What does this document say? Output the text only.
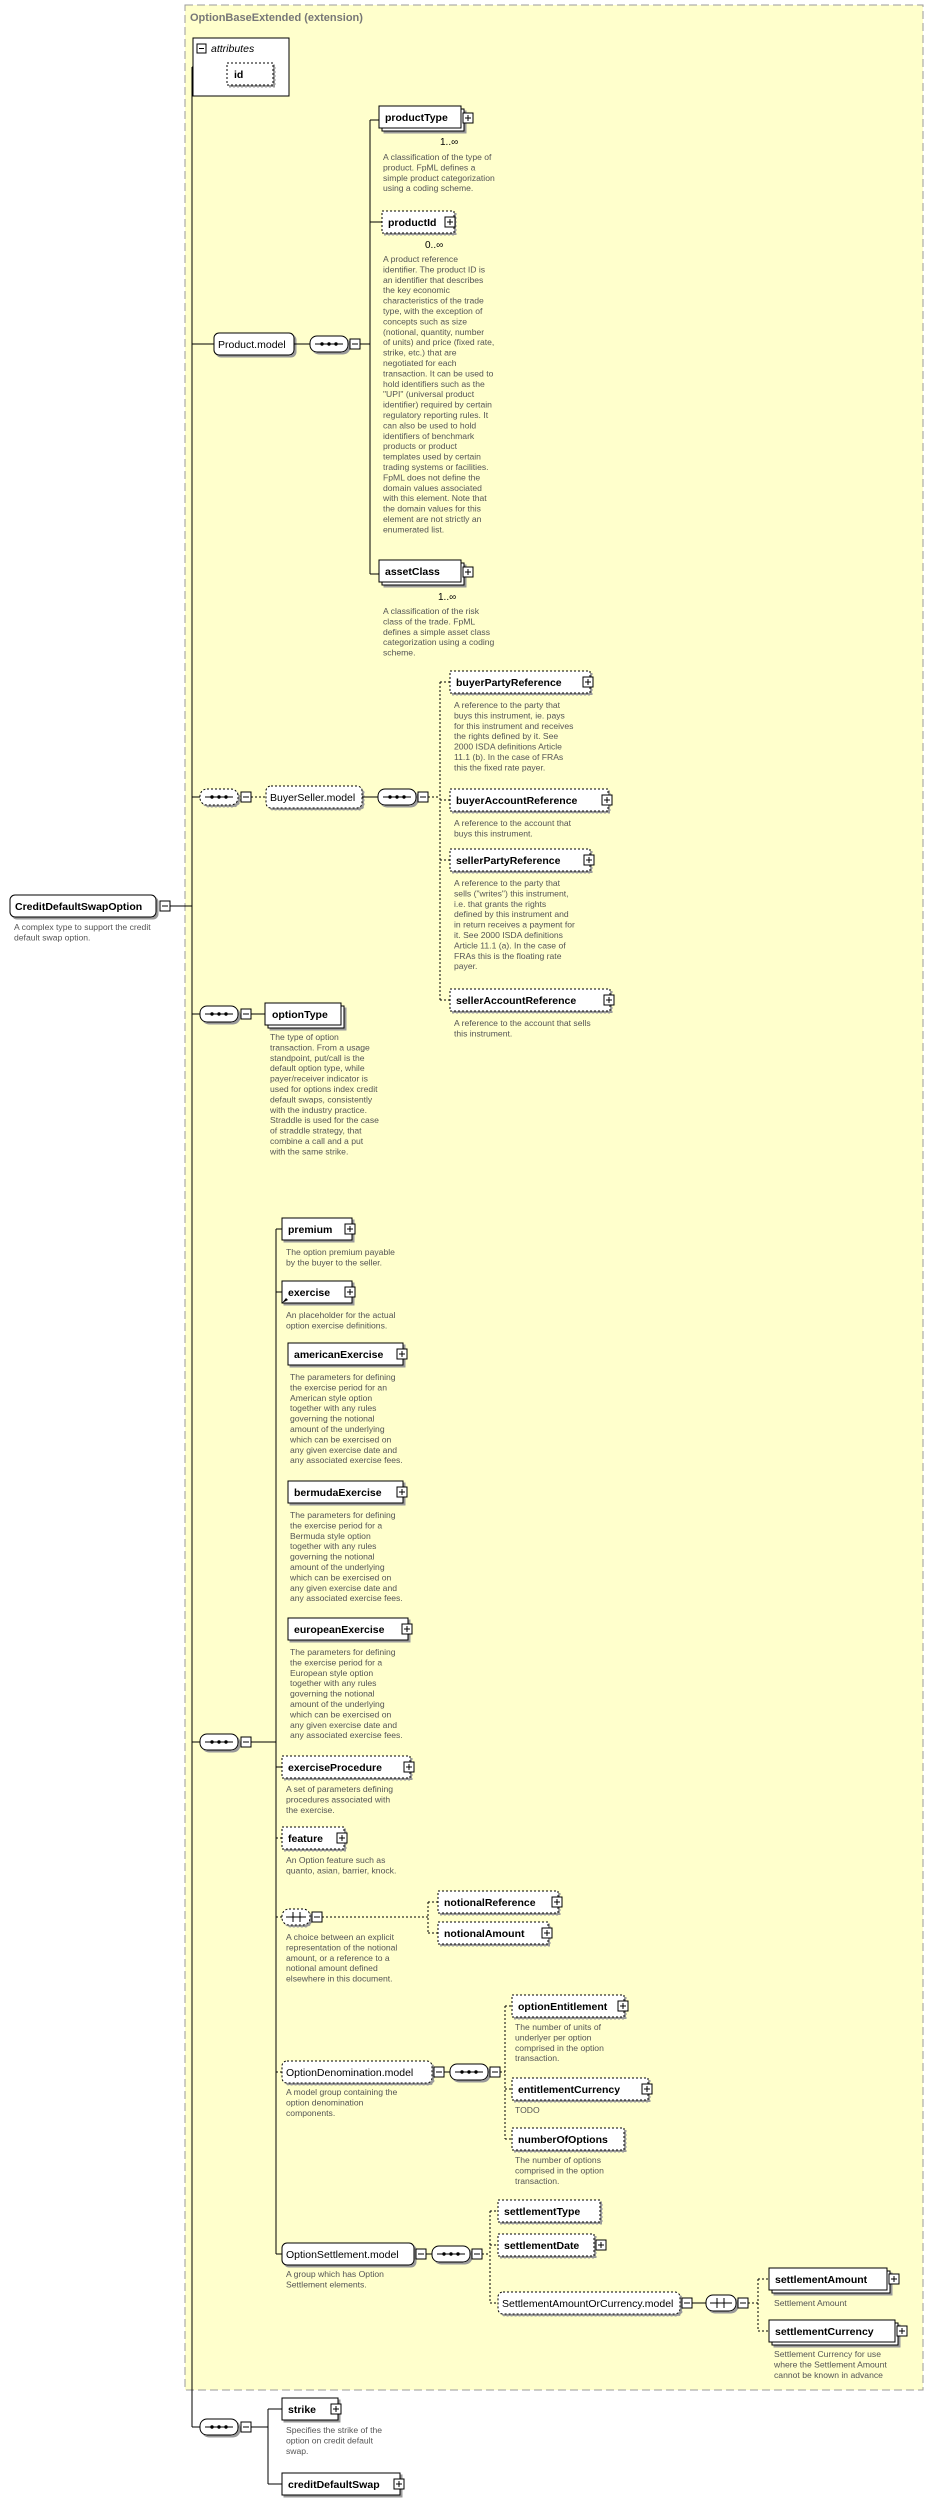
OptionBaseExtended (extension)
attributes
id
CreditDefaultSwapOption
A complex type to support the credit default swap option.
Product.model
productType
1..∞
A classification of the type of product. FpML defines a simple product categorization using a coding scheme.
productId
0..∞
A product reference identifier. The product ID is an identifier that describes the key economic characteristics of the trade type, with the exception of concepts such as size (notional, quantity, number of units) and price (fixed rate, strike, etc.) that are negotiated for each transaction. It can be used to hold identifiers such as the "UPI" (universal product identifier) required by certain regulatory reporting rules. It can also be used to hold identifiers of benchmark products or product templates used by certain trading systems or facilities. FpML does not define the domain values associated with this element. Note that the domain values for this element are not strictly an enumerated list.
assetClass
1..∞
A classification of the risk class of the trade. FpML defines a simple asset class categorization using a coding scheme.
BuyerSeller.model
buyerPartyReference
A reference to the party that buys this instrument, ie. pays for this instrument and receives the rights defined by it. See 2000 ISDA definitions Article 11.1 (b). In the case of FRAs this the fixed rate payer.
buyerAccountReference
A reference to the account that buys this instrument.
sellerPartyReference
A reference to the party that sells ("writes") this instrument, i.e. that grants the rights defined by this instrument and in return receives a payment for it. See 2000 ISDA definitions Article 11.1 (a). In the case of FRAs this is the floating rate payer.
sellerAccountReference
A reference to the account that sells this instrument.
optionType
The type of option transaction. From a usage standpoint, put/call is the default option type, while payer/receiver indicator is used for options index credit default swaps, consistently with the industry practice. Straddle is used for the case of straddle strategy, that combine a call and a put with the same strike.
premium
The option premium payable by the buyer to the seller.
exercise
An placeholder for the actual option exercise definitions.
americanExercise
The parameters for defining the exercise period for an American style option together with any rules governing the notional amount of the underlying which can be exercised on any given exercise date and any associated exercise fees.
bermudaExercise
The parameters for defining the exercise period for a Bermuda style option together with any rules governing the notional amount of the underlying which can be exercised on any given exercise date and any associated exercise fees.
europeanExercise
The parameters for defining the exercise period for a European style option together with any rules governing the notional amount of the underlying which can be exercised on any given exercise date and any associated exercise fees.
exerciseProcedure
A set of parameters defining procedures associated with the exercise.
feature
An Option feature such as quanto, asian, barrier, knock.
A choice between an explicit representation of the notional amount, or a reference to a notional amount defined elsewhere in this document.
notionalReference
notionalAmount
OptionDenomination.model
A model group containing the option denomination components.
optionEntitlement
The number of units of underlyer per option comprised in the option transaction.
entitlementCurrency
TODO
numberOfOptions
The number of options comprised in the option transaction.
OptionSettlement.model
A group which has Option Settlement elements.
settlementType
settlementDate
SettlementAmountOrCurrency.model
settlementAmount
Settlement Amount
settlementCurrency
Settlement Currency for use where the Settlement Amount cannot be known in advance
strike
Specifies the strike of the option on credit default swap.
creditDefaultSwap
